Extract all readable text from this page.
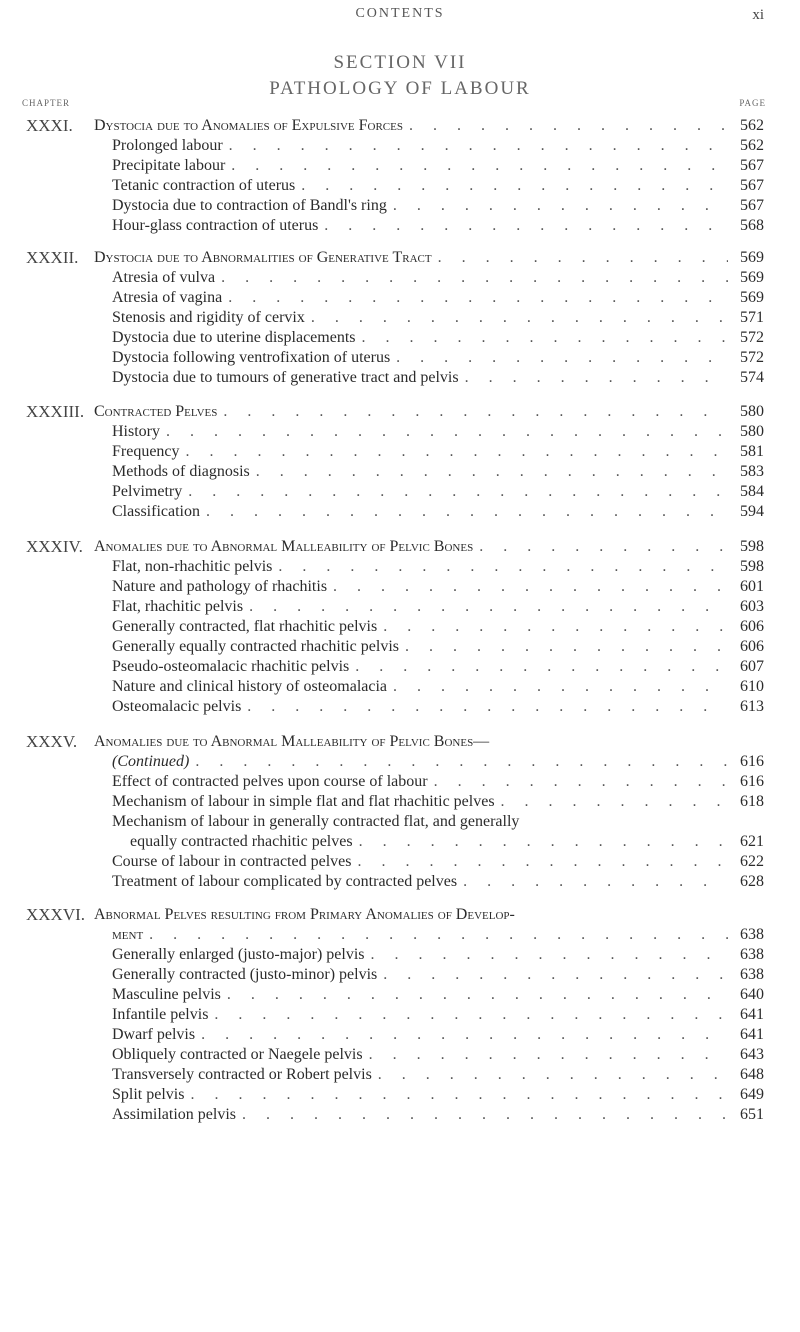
CONTENTS	xi
SECTION VII
PATHOLOGY OF LABOUR
CHAPTER	PAGE
XXXI. Dystocia due to Anomalies of Expulsive Forces . . .	562
Prolonged labour . . .	562
Precipitate labour . . .	567
Tetanic contraction of uterus . . .	567
Dystocia due to contraction of Bandl's ring . . .	567
Hour-glass contraction of uterus . . .	568
XXXII. Dystocia due to Abnormalities of Generative Tract . . .	569
Atresia of vulva . . .	569
Atresia of vagina . . .	569
Stenosis and rigidity of cervix . . .	571
Dystocia due to uterine displacements . . .	572
Dystocia following ventrofixation of uterus . . .	572
Dystocia due to tumours of generative tract and pelvis . . .	574
XXXIII. Contracted Pelves . . .	580
History . . .	580
Frequency . . .	581
Methods of diagnosis . . .	583
Pelvimetry . . .	584
Classification . . .	594
XXXIV. Anomalies due to Abnormal Malleability of Pelvic Bones . . .	598
Flat, non-rhachitic pelvis . . .	598
Nature and pathology of rhachitis . . .	601
Flat, rhachitic pelvis . . .	603
Generally contracted, flat rhachitic pelvis . . .	606
Generally equally contracted rhachitic pelvis . . .	606
Pseudo-osteomalacic rhachitic pelvis . . .	607
Nature and clinical history of osteomalacia . . .	610
Osteomalacic pelvis . . .	613
XXXV. Anomalies due to Abnormal Malleability of Pelvic Bones—
(Continued) . . .	616
Effect of contracted pelves upon course of labour . . .	616
Mechanism of labour in simple flat and flat rhachitic pelves . . .	618
Mechanism of labour in generally contracted flat, and generally
equally contracted rhachitic pelves . . .	621
Course of labour in contracted pelves . . .	622
Treatment of labour complicated by contracted pelves . . .	628
XXXVI. Abnormal Pelves resulting from Primary Anomalies of Develop-
ment . . .	638
Generally enlarged (justo-major) pelvis . . .	638
Generally contracted (justo-minor) pelvis . . .	638
Masculine pelvis . . .	640
Infantile pelvis . . .	641
Dwarf pelvis . . .	641
Obliquely contracted or Naegele pelvis . . .	643
Transversely contracted or Robert pelvis . . .	648
Split pelvis . . .	649
Assimilation pelvis . . .	651
